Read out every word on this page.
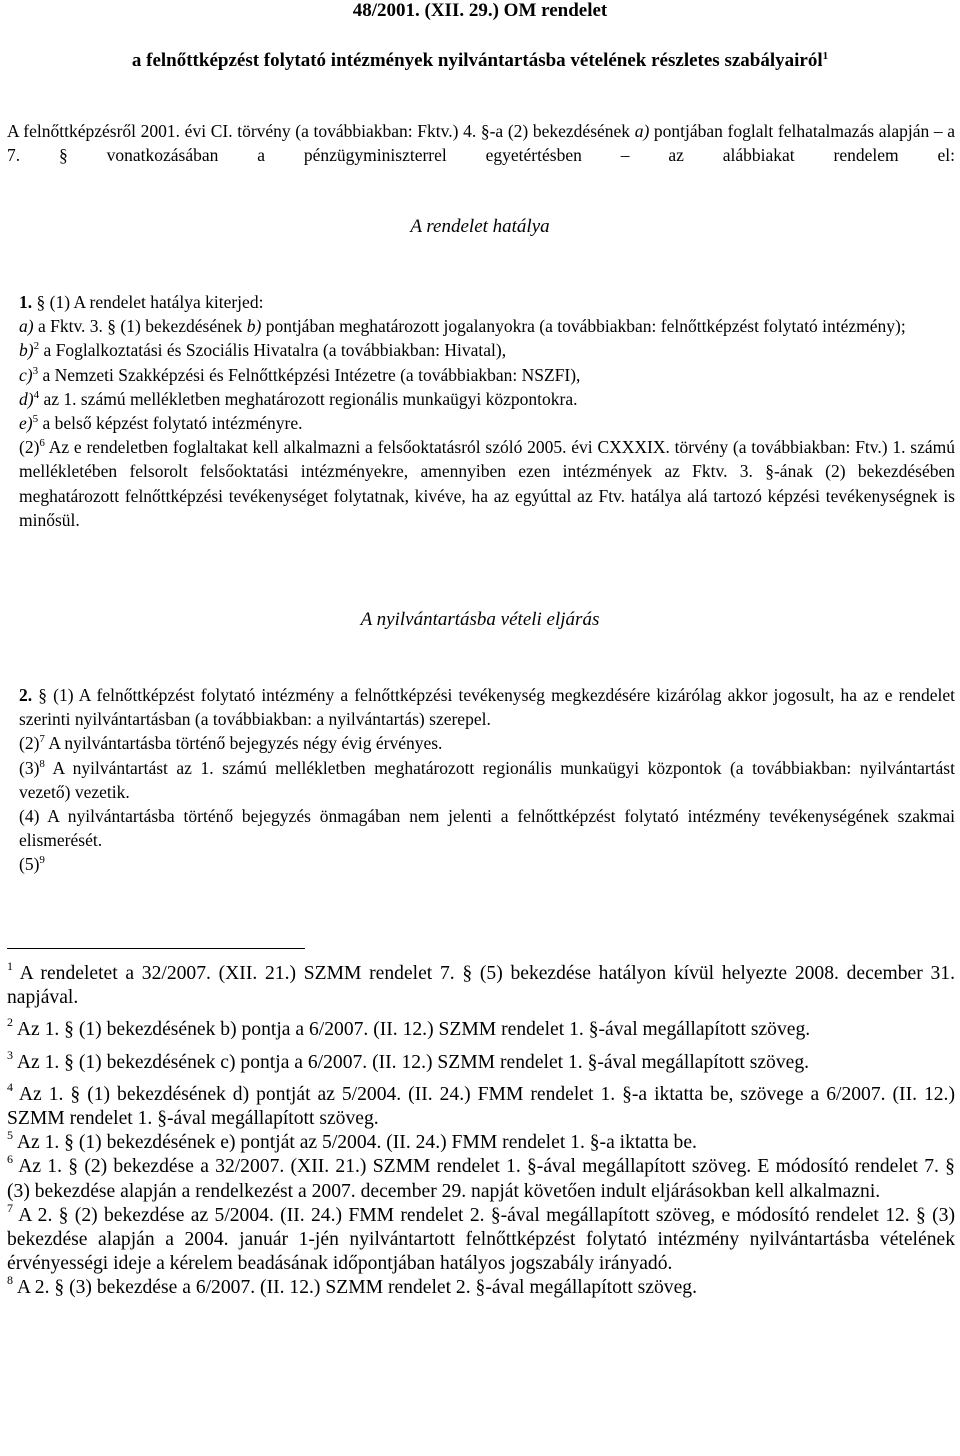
48/2001. (XII. 29.) OM rendelet
a felnőttképzést folytató intézmények nyilvántartásba vételének részletes szabályairól$^1$

A felnőttképzésről 2001. évi CI. törvény (a továbbiakban: Fktv.) 4. §-a (2) bekezdésének a) pontjában foglalt felhatalmazás alapján – a 7. § vonatkozásában a pénzügyminiszterrel egyetértésben – az alábbiakat rendelem el:

A rendelet hatálya

1. § (1) A rendelet hatálya kiterjed:

a) a Fktv. 3. § (1) bekezdésének b) pontjában meghatározott jogalanyokra (a továbbiakban: felnőttképzést folytató intézmény);

b)$^2$ a Foglalkoztatási és Szociális Hivatalra (a továbbiakban: Hivatal),

c)$^3$ a Nemzeti Szakképzési és Felnőttképzési Intézetre (a továbbiakban: NSZFI),

d)$^4$ az 1. számú mellékletben meghatározott regionális munkaügyi központokra.

e)$^5$ a belső képzést folytató intézményre.

$(2)^6$ Az e rendeletben foglaltakat kell alkalmazni a felsőoktatásról szóló 2005. évi CXXXIX. törvény (a továbbiakban: Ftv.) 1. számú mellékletében felsorolt felsőoktatási intézményekre, amennyiben ezen intézmények az Fktv. 3. §-ának (2) bekezdésében meghatározott felnőttképzési tevékenységet folytatnak, kivéve, ha az egyúttal az Ftv. hatálya alá tartozó képzési tevékenységnek is minősül.

A nyilvántartásba vételi eljárás

2. § (1) A felnőttképzést folytató intézmény a felnőttképzési tevékenység megkezdésére kizárólag akkor jogosult, ha az e rendelet szerinti nyilvántartásban (a továbbiakban: a nyilvántartás) szerepel.

$(2)^7$ A nyilvántartásba történő bejegyzés négy évig érvényes.

$(3)^8$ A nyilvántartást az 1. számú mellékletben meghatározott regionális munkaügyi központok (a továbbiakban: nyilvántartást vezető) vezetik.

(4) A nyilvántartásba történő bejegyzés önmagában nem jelenti a felnőttképzést folytató intézmény tevékenységének szakmai elismerését.

$(5)^9$

$^1$ A rendeletet a 32/2007. (XII. 21.) SZMM rendelet 7. § (5) bekezdése hatályon kívül helyezte 2008. december 31. napjával.

$^2$ Az 1. § (1) bekezdésének b) pontja a 6/2007. (II. 12.) SZMM rendelet 1. §-ával megállapított szöveg.

$^3$ Az 1. § (1) bekezdésének c) pontja a 6/2007. (II. 12.) SZMM rendelet 1. §-ával megállapított szöveg.

$^4$ Az 1. § (1) bekezdésének d) pontját az 5/2004. (II. 24.) FMM rendelet 1. §-a iktatta be, szövege a 6/2007. (II. 12.) SZMM rendelet 1. §-ával megállapított szöveg.

$^5$ Az 1. § (1) bekezdésének e) pontját az 5/2004. (II. 24.) FMM rendelet 1. §-a iktatta be.

$^6$ Az 1. § (2) bekezdése a 32/2007. (XII. 21.) SZMM rendelet 1. §-ával megállapított szöveg. E módosító rendelet 7. § (3) bekezdése alapján a rendelkezést a 2007. december 29. napját követően indult eljárásokban kell alkalmazni.

$^7$ A 2. § (2) bekezdése az 5/2004. (II. 24.) FMM rendelet 2. §-ával megállapított szöveg, e módosító rendelet 12. § (3) bekezdése alapján a 2004. január 1-jén nyilvántartott felnőttképzést folytató intézmény nyilvántartásba vételének érvényességi ideje a kérelem beadásának időpontjában hatályos jogszabály irányadó.

$^8$ A 2. § (3) bekezdése a 6/2007. (II. 12.) SZMM rendelet 2. §-ával megállapított szöveg.
